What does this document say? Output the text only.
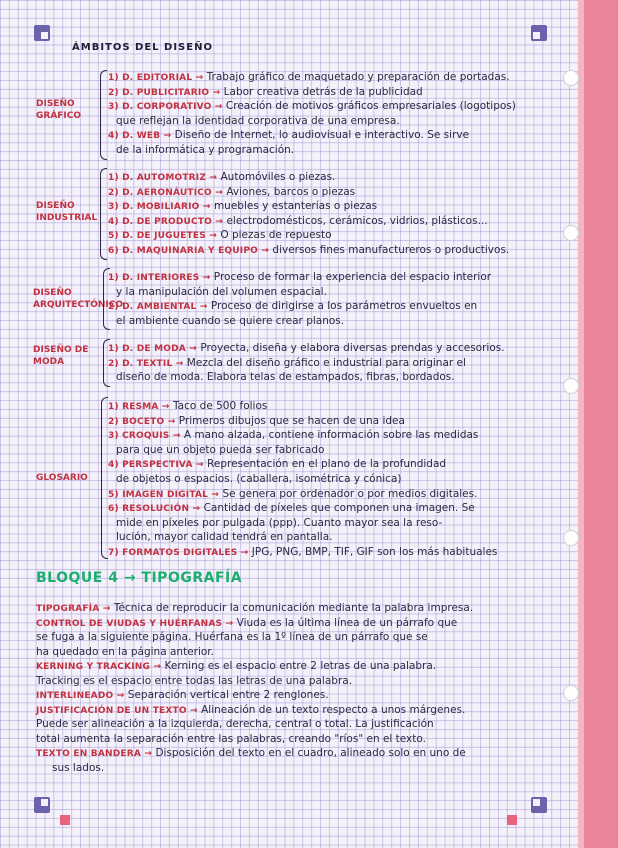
ÁMBITOS DEL DISEÑO
DISEÑO GRÁFICO
DISEÑO INDUSTRIAL
DISEÑO ARQUITECTÓNICO
DISEÑO DE MODA
GLOSARIO
1) D. EDITORIAL → Trabajo gráfico de maquetado y preparación de portadas.
2) D. PUBLICITARIO → Labor creativa detrás de la publicidad
3) D. CORPORATIVO → Creación de motivos gráficos empresariales (logotipos)
que reflejan la identidad corporativa de una empresa.
4) D. WEB → Diseño de Internet, lo audiovisual e interactivo. Se sirve
de la informática y programación.
1) D. AUTOMOTRIZ → Automóviles o piezas.
2) D. AERONÁUTICO → Aviones, barcos o piezas
3) D. MOBILIARIO → muebles y estanterías o piezas
4) D. DE PRODUCTO → electrodomésticos, cerámicos, vidrios, plásticos...
5) D. DE JUGUETES → O piezas de repuesto
6) D. MAQUINARIA Y EQUIPO → diversos fines manufactureros o productivos.
1) D. INTERIORES → Proceso de formar la experiencia del espacio interior
y la manipulación del volumen espacial.
2) D. AMBIENTAL → Proceso de dirigirse a los parámetros envueltos en
el ambiente cuando se quiere crear planos.
1) D. DE MODA → Proyecta, diseña y elabora diversas prendas y accesorios.
2) D. TEXTIL → Mezcla del diseño gráfico e industrial para originar el
diseño de moda. Elabora telas de estampados, fibras, bordados.
1) RESMA → Taco de 500 folios
2) BOCETO → Primeros dibujos que se hacen de una idea
3) CROQUIS → A mano alzada, contiene información sobre las medidas
para que un objeto pueda ser fabricado
4) PERSPECTIVA → Representación en el plano de la profundidad
de objetos o espacios. (caballera, isométrica y cónica)
5) IMAGEN DIGITAL → Se genera por ordenador o por medios digitales.
6) RESOLUCIÓN → Cantidad de píxeles que componen una imagen. Se
mide en píxeles por pulgada (ppp). Cuanto mayor sea la reso-
lución, mayor calidad tendrá en pantalla.
7) FORMATOS DIGITALES → JPG, PNG, BMP, TIF, GIF son los más habituales
TIPOGRAFÍA → Técnica de reproducir la comunicación mediante la palabra impresa.
CONTROL DE VIUDAS Y HUÉRFANAS → Viuda es la última línea de un párrafo que
se fuga a la siguiente página. Huérfana es la 1º línea de un párrafo que se
ha quedado en la página anterior.
KERNING Y TRACKING → Kerning es el espacio entre 2 letras de una palabra.
Tracking es el espacio entre todas las letras de una palabra.
INTERLINEADO → Separación vertical entre 2 renglones.
JUSTIFICACIÓN DE UN TEXTO → Alineación de un texto respecto a unos márgenes.
Puede ser alineación a la izquierda, derecha, central o total. La justificación
total aumenta la separación entre las palabras, creando "ríos" en el texto.
TEXTO EN BANDERA → Disposición del texto en el cuadro, alineado solo en uno de
sus lados.
BLOQUE 4 → TIPOGRAFÍA
